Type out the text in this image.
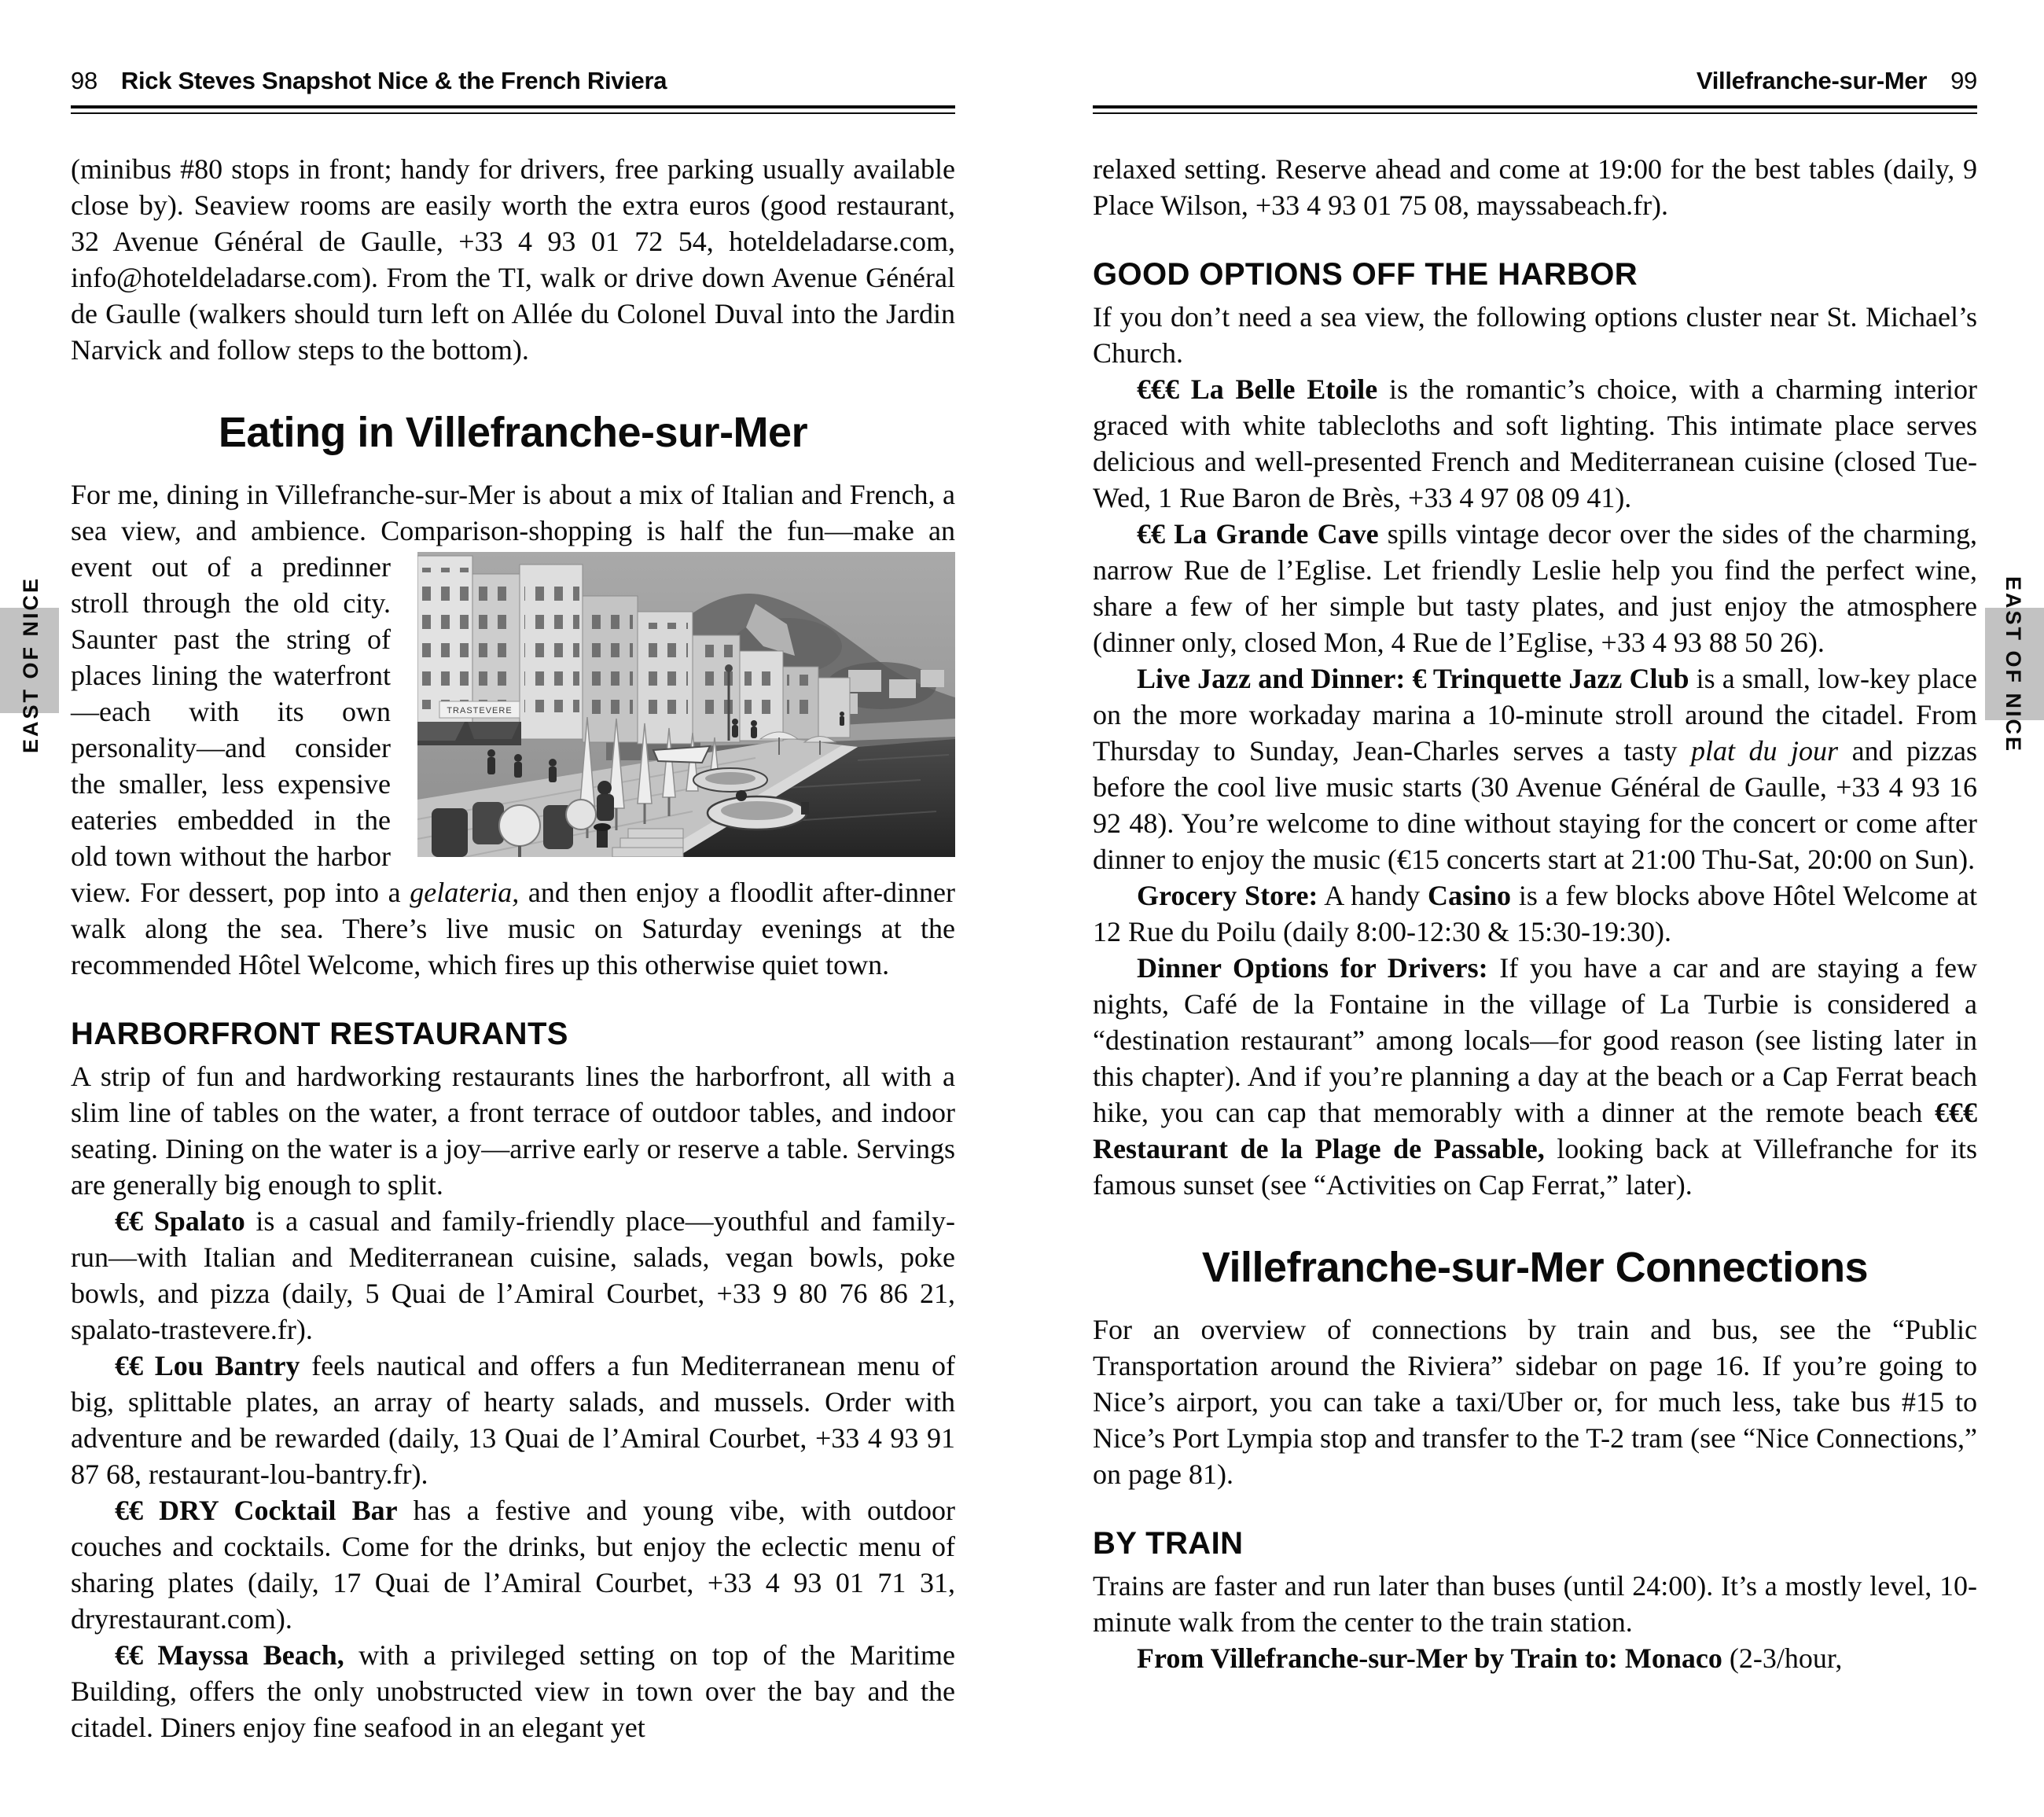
EAST OF NICE	EAST OF NICE
98 Rick Steves Snapshot Nice & the French Riviera

(minibus #80 stops in front; handy for drivers, free parking usually available close by). Seaview rooms are easily worth the extra euros (good restaurant, 32 Avenue Général de Gaulle, +33 4 93 01 72 54, hoteldeladarse.com, info@hoteldeladarse.com). From the TI, walk or drive down Avenue Général de Gaulle (walkers should turn left on Allée du Colonel Duval into the Jardin Narvick and follow steps to the bottom).

Eating in Villefranche-sur-Mer

For me, dining in Villefranche-sur-Mer is about a mix of Italian and French, a sea view, and ambience. Comparison-shopping is
TRASTEVERE
half the fun—make an event out of a predinner stroll through the old city. Saunter past the string of places lining the waterfront—each with its own personality—and consider the smaller, less expensive eateries embedded in the old town without the harbor view. For dessert, pop into a gelateria, and then enjoy a floodlit after-dinner walk along the sea. There’s live music on Saturday evenings at the recommended Hôtel Welcome, which fires up this otherwise quiet town.

HARBORFRONT RESTAURANTS

A strip of fun and hardworking restaurants lines the harborfront, all with a slim line of tables on the water, a front terrace of outdoor tables, and indoor seating. Dining on the water is a joy—arrive early or reserve a table. Servings are generally big enough to split.

€€ Spalato is a casual and family-friendly place—youthful and family-run—with Italian and Mediterranean cuisine, salads, vegan bowls, poke bowls, and pizza (daily, 5 Quai de l’Amiral Courbet, +33 9 80 76 86 21, spalato-trastevere.fr).

€€ Lou Bantry feels nautical and offers a fun Mediterranean menu of big, splittable plates, an array of hearty salads, and mussels. Order with adventure and be rewarded (daily, 13 Quai de l’Amiral Courbet, +33 4 93 91 87 68, restaurant-lou-bantry.fr).

€€ DRY Cocktail Bar has a festive and young vibe, with outdoor couches and cocktails. Come for the drinks, but enjoy the eclectic menu of sharing plates (daily, 17 Quai de l’Amiral Courbet, +33 4 93 01 71 31, dryrestaurant.com).

€€ Mayssa Beach, with a privileged setting on top of the Maritime Building, offers the only unobstructed view in town over the bay and the citadel. Diners enjoy fine seafood in an elegant yet

Villefranche-sur-Mer 99

relaxed setting. Reserve ahead and come at 19:00 for the best tables (daily, 9 Place Wilson, +33 4 93 01 75 08, mayssabeach.fr).

GOOD OPTIONS OFF THE HARBOR

If you don’t need a sea view, the following options cluster near St. Michael’s Church.

€€€ La Belle Etoile is the romantic’s choice, with a charming interior graced with white tablecloths and soft lighting. This intimate place serves delicious and well-presented French and Mediterranean cuisine (closed Tue-Wed, 1 Rue Baron de Brès, +33 4 97 08 09 41).

€€ La Grande Cave spills vintage decor over the sides of the charming, narrow Rue de l’Eglise. Let friendly Leslie help you find the perfect wine, share a few of her simple but tasty plates, and just enjoy the atmosphere (dinner only, closed Mon, 4 Rue de l’Eglise, +33 4 93 88 50 26).

Live Jazz and Dinner: € Trinquette Jazz Club is a small, low-key place on the more workaday marina a 10-minute stroll around the citadel. From Thursday to Sunday, Jean-Charles serves a tasty plat du jour and pizzas before the cool live music starts (30 Avenue Général de Gaulle, +33 4 93 16 92 48). You’re welcome to dine without staying for the concert or come after dinner to enjoy the music (€15 concerts start at 21:00 Thu-Sat, 20:00 on Sun).

Grocery Store: A handy Casino is a few blocks above Hôtel Welcome at 12 Rue du Poilu (daily 8:00-12:30 & 15:30-19:30).

Dinner Options for Drivers: If you have a car and are staying a few nights, Café de la Fontaine in the village of La Turbie is considered a “destination restaurant” among locals—for good reason (see listing later in this chapter). And if you’re planning a day at the beach or a Cap Ferrat beach hike, you can cap that memorably with a dinner at the remote beach €€€ Restaurant de la Plage de Passable, looking back at Villefranche for its famous sunset (see “Activities on Cap Ferrat,” later).

Villefranche-sur-Mer Connections

For an overview of connections by train and bus, see the “Public Transportation around the Riviera” sidebar on page 16. If you’re going to Nice’s airport, you can take a taxi/Uber or, for much less, take bus #15 to Nice’s Port Lympia stop and transfer to the T-2 tram (see “Nice Connections,” on page 81).

BY TRAIN

Trains are faster and run later than buses (until 24:00). It’s a mostly level, 10-minute walk from the center to the train station.

From Villefranche-sur-Mer by Train to: Monaco (2-3/hour,
